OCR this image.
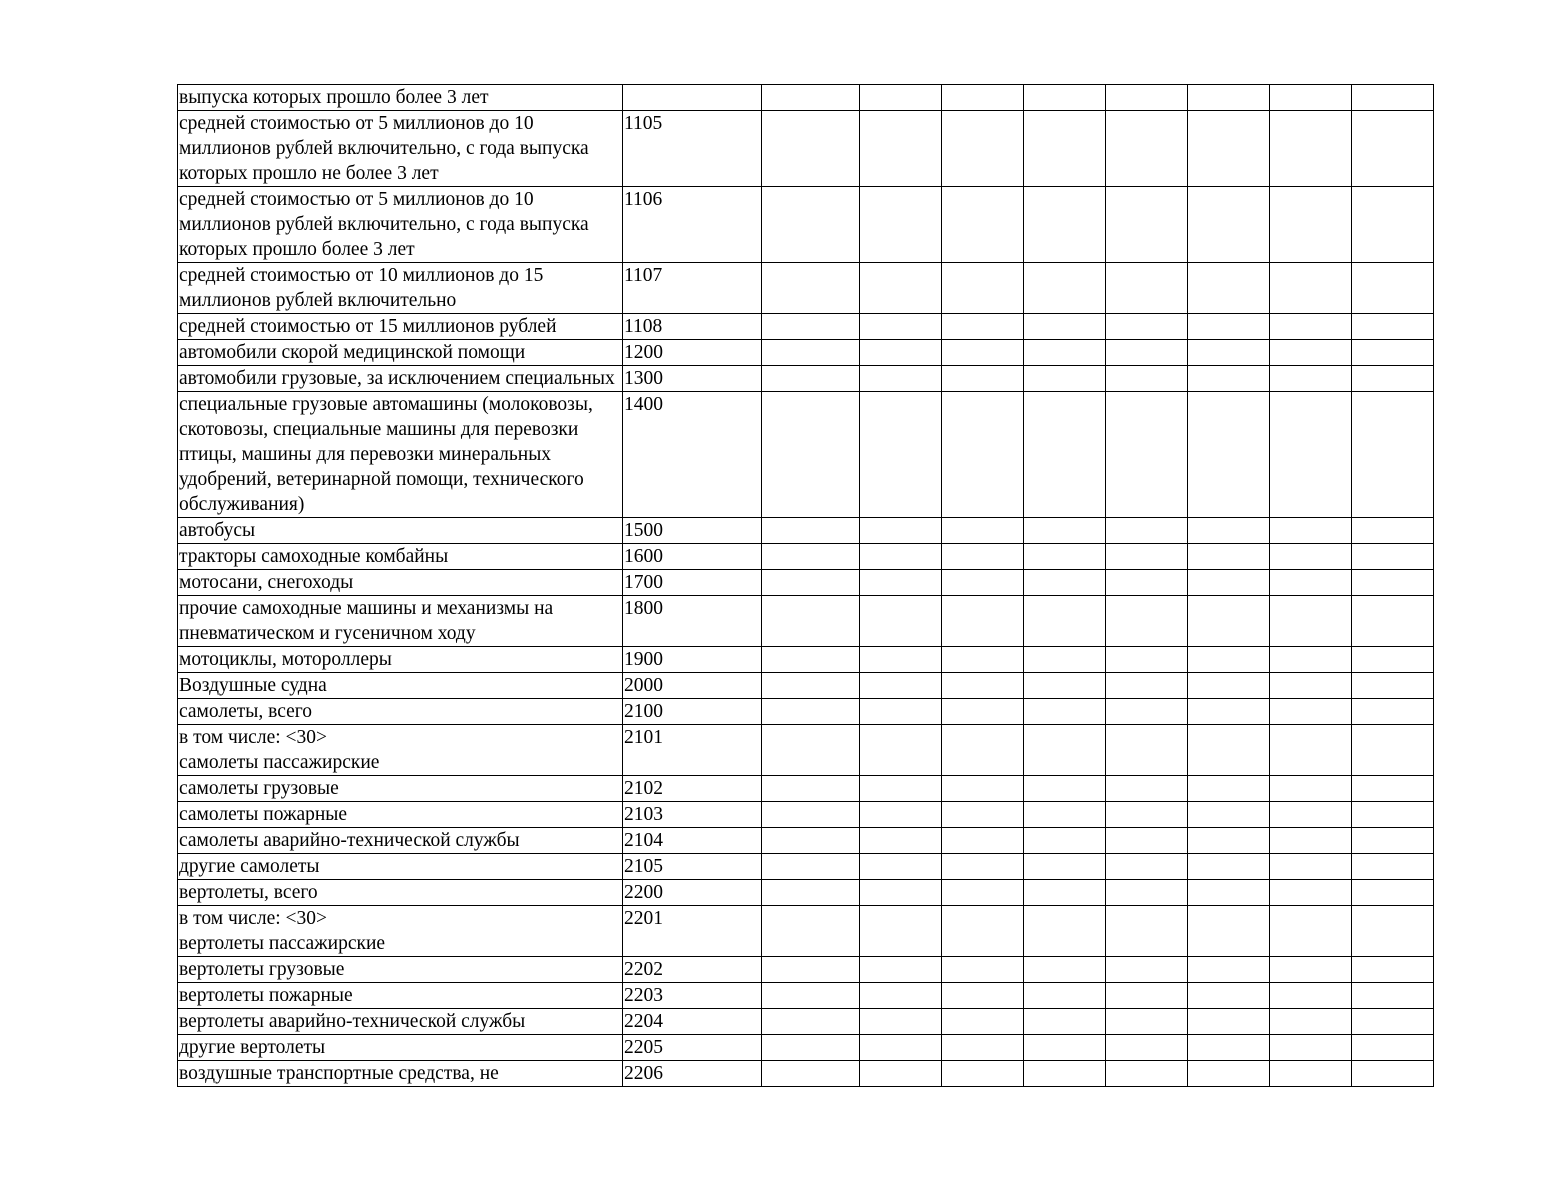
выпуска которых прошло более 3 лет									
средней стоимостью от 5 миллионов до 10 миллионов рублей включительно, с года выпуска которых прошло не более 3 лет	1105								
средней стоимостью от 5 миллионов до 10 миллионов рублей включительно, с года выпуска которых прошло более 3 лет	1106								
средней стоимостью от 10 миллионов до 15 миллионов рублей включительно	1107								
средней стоимостью от 15 миллионов рублей	1108								
автомобили скорой медицинской помощи	1200								
автомобили грузовые, за исключением специальных	1300								
специальные грузовые автомашины (молоковозы, скотовозы, специальные машины для перевозки птицы, машины для перевозки минеральных удобрений, ветеринарной помощи, технического обслуживания)	1400								
автобусы	1500								
тракторы самоходные комбайны	1600								
мотосани, снегоходы	1700								
прочие самоходные машины и механизмы на пневматическом и гусеничном ходу	1800								
мотоциклы, мотороллеры	1900								
Воздушные судна	2000								
самолеты, всего	2100								
в том числе: <30>
самолеты пассажирские	2101								
самолеты грузовые	2102								
самолеты пожарные	2103								
самолеты аварийно-технической службы	2104								
другие самолеты	2105								
вертолеты, всего	2200								
в том числе: <30>
вертолеты пассажирские	2201								
вертолеты грузовые	2202								
вертолеты пожарные	2203								
вертолеты аварийно-технической службы	2204								
другие вертолеты	2205								
воздушные транспортные средства, не	2206								
